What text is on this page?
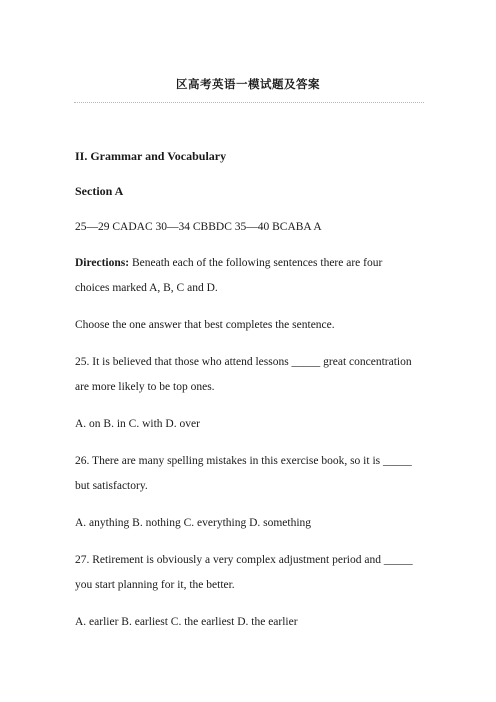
区高考英语一模试题及答案
II. Grammar and Vocabulary
Section A
25—29 CADAC 30—34 CBBDC 35—40 BCABA A
Directions: Beneath each of the following sentences there are four
choices marked A, B, C and D.
Choose the one answer that best completes the sentence.
25. It is believed that those who attend lessons _____ great concentration
are more likely to be top ones.
A. on B. in C. with D. over
26. There are many spelling mistakes in this exercise book, so it is _____
but satisfactory.
A. anything B. nothing C. everything D. something
27. Retirement is obviously a very complex adjustment period and _____
you start planning for it, the better.
A. earlier B. earliest C. the earliest D. the earlier
